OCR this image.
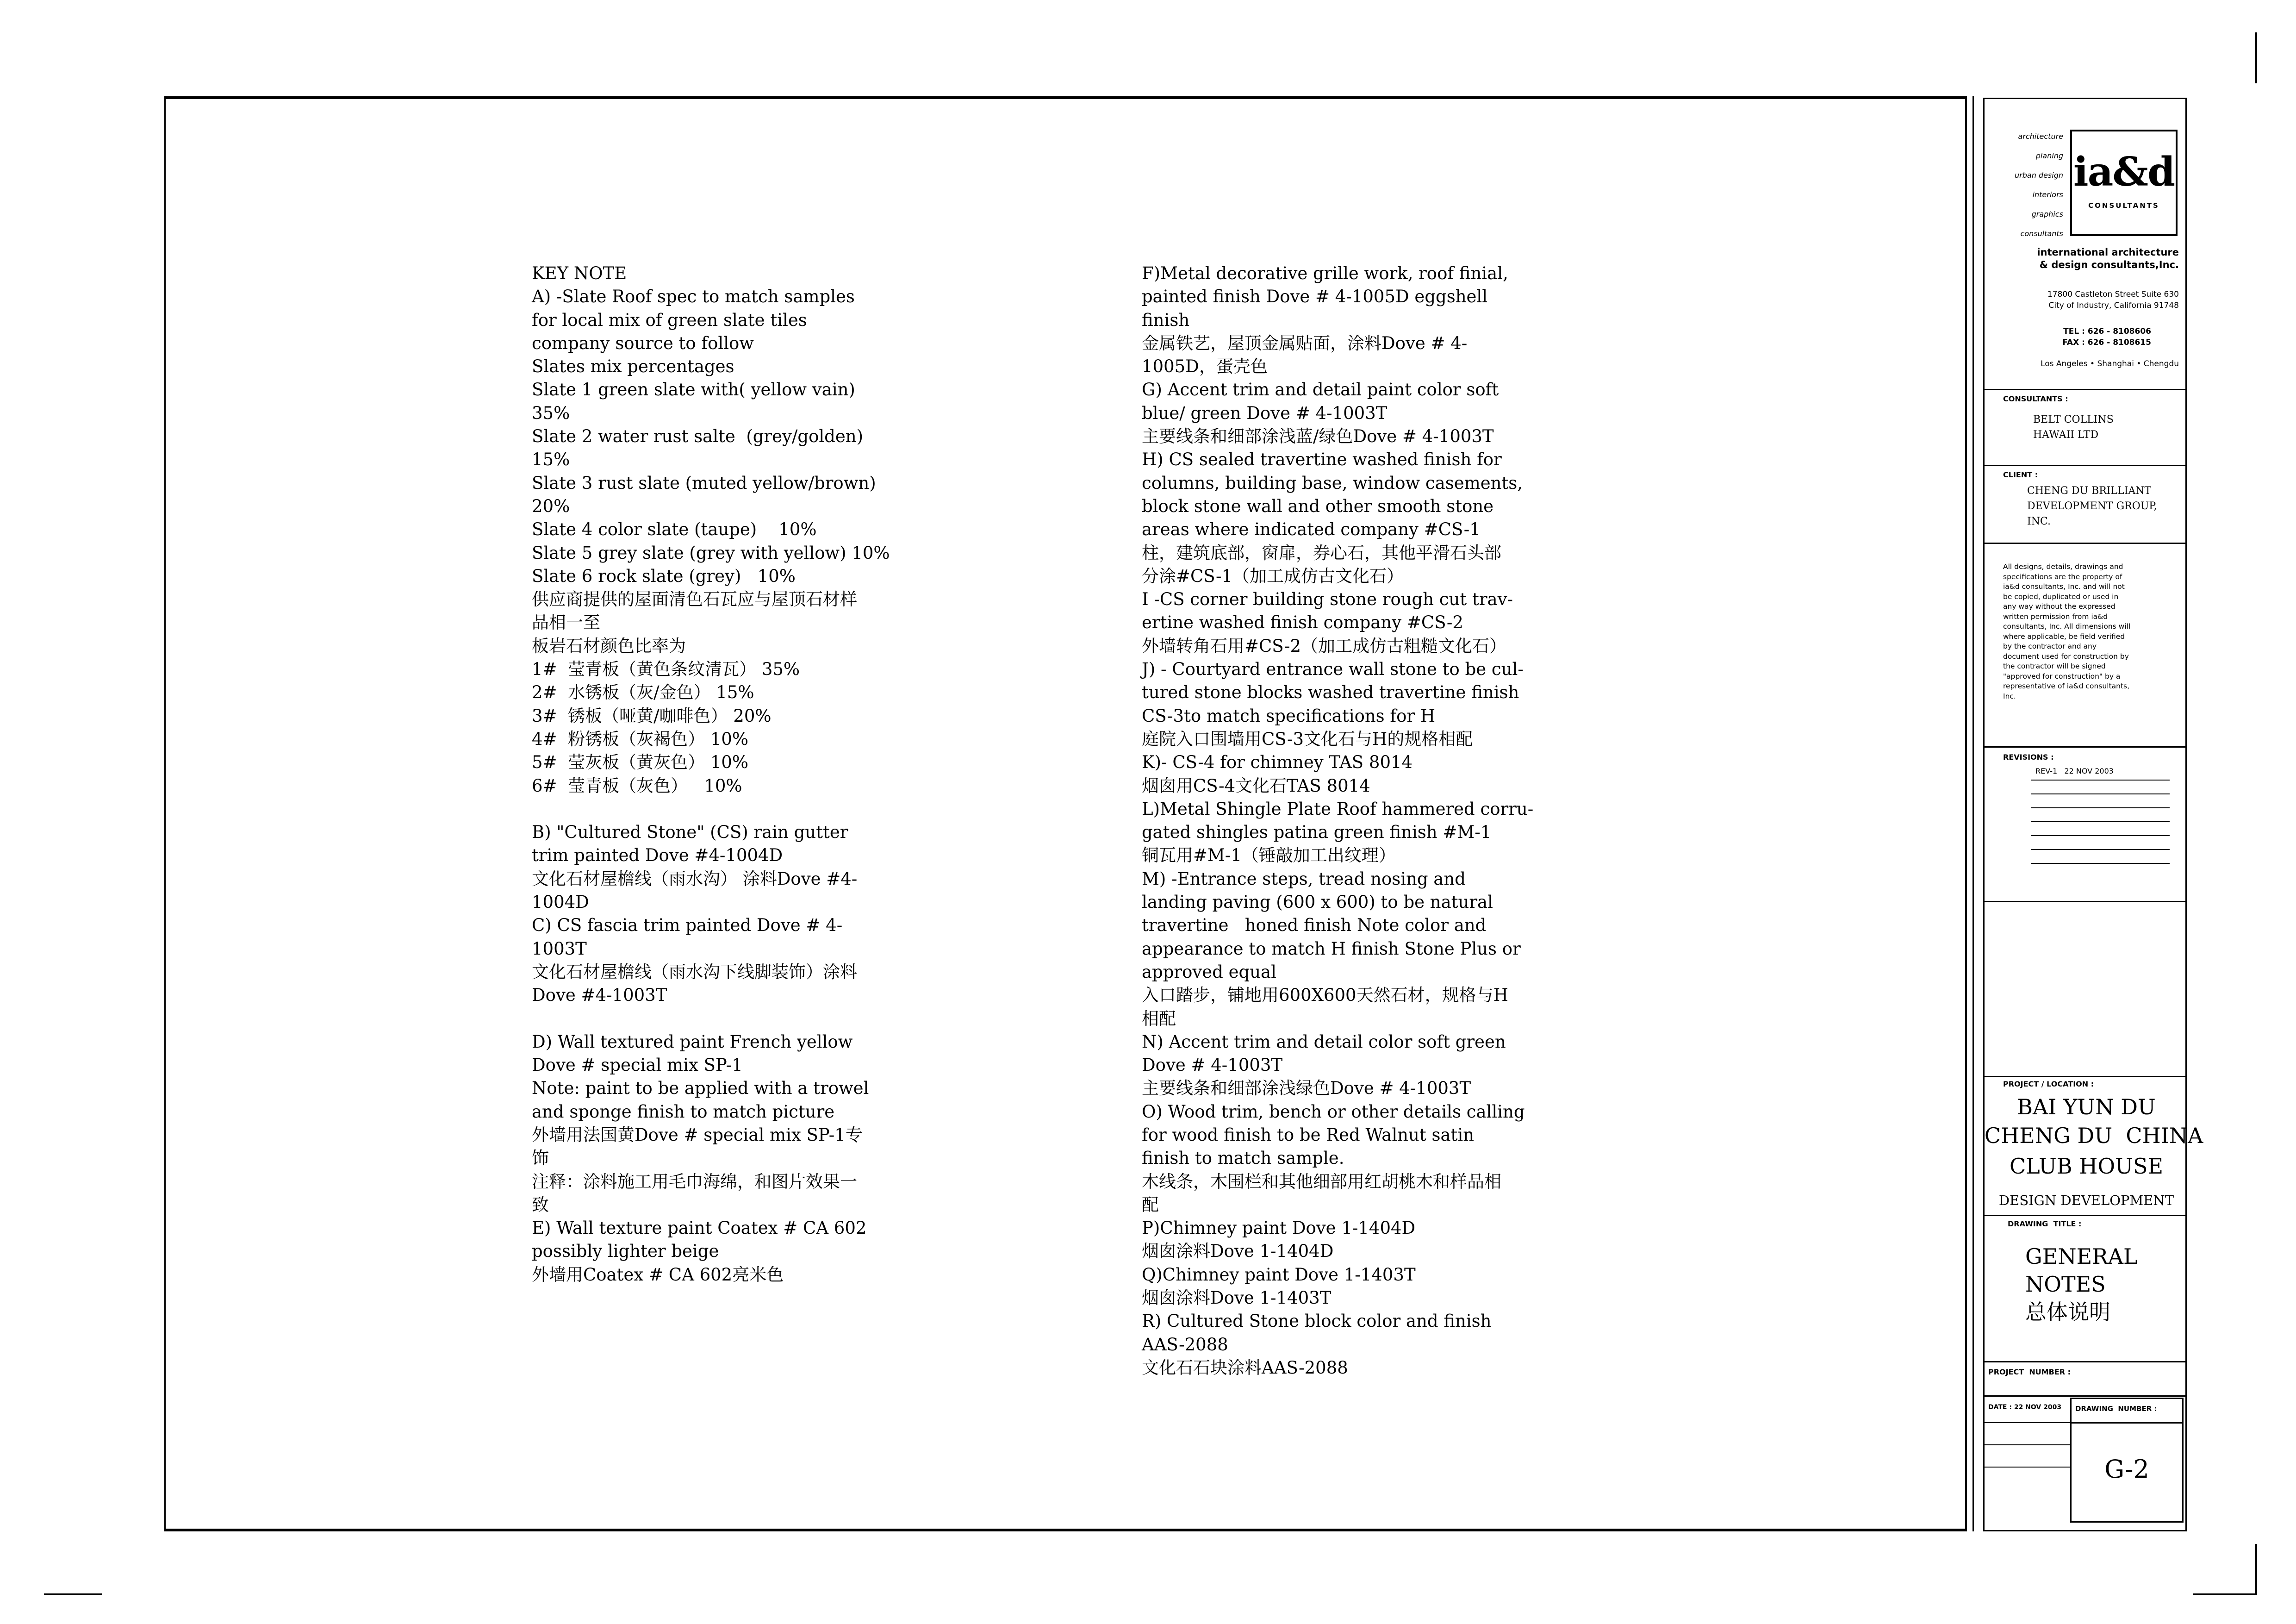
KEY NOTE
A) -Slate Roof spec to match samples
for local mix of green slate tiles
company source to follow
Slates mix percentages
Slate 1 green slate with( yellow vain)
35%
Slate 2 water rust salte  (grey/golden)
15%
Slate 3 rust slate (muted yellow/brown)
20%
Slate 4 color slate (taupe)    10%
Slate 5 grey slate (grey with yellow) 10%
Slate 6 rock slate (grey)   10%
供应商提供的屋面清色石瓦应与屋顶石材样
品相一至
板岩石材颜色比率为
1#  莹青板（黄色条纹清瓦） 35%
2#  水锈板（灰/金色） 15%
3#  锈板（哑黄/咖啡色） 20%
4#  粉锈板（灰褐色） 10%
5#  莹灰板（黄灰色） 10%
6#  莹青板（灰色）   10%
B) "Cultured Stone" (CS) rain gutter
trim painted Dove #4-1004D
文化石材屋檐线（雨水沟） 涂料Dove #4-
1004D
C) CS fascia trim painted Dove # 4-
1003T
文化石材屋檐线（雨水沟下线脚装饰）涂料
Dove #4-1003T
D) Wall textured paint French yellow
Dove # special mix SP-1
Note: paint to be applied with a trowel
and sponge finish to match picture
外墙用法国黄Dove # special mix SP-1专
饰
注释：涂料施工用毛巾海绵，和图片效果一
致
E) Wall texture paint Coatex # CA 602
possibly lighter beige
外墙用Coatex # CA 602亮米色
F)Metal decorative grille work, roof finial,
painted finish Dove # 4-1005D eggshell
finish
金属铁艺，屋顶金属贴面，涂料Dove # 4-
1005D，蛋壳色
G) Accent trim and detail paint color soft
blue/ green Dove # 4-1003T
主要线条和细部涂浅蓝/绿色Dove # 4-1003T
H) CS sealed travertine washed finish for
columns, building base, window casements,
block stone wall and other smooth stone
areas where indicated company #CS-1
柱，建筑底部，窗扉，券心石，其他平滑石头部
分涂#CS-1（加工成仿古文化石）
I -CS corner building stone rough cut trav-
ertine washed finish company #CS-2
外墙转角石用#CS-2（加工成仿古粗糙文化石）
J) - Courtyard entrance wall stone to be cul-
tured stone blocks washed travertine finish
CS-3to match specifications for H
庭院入口围墙用CS-3文化石与H的规格相配
K)- CS-4 for chimney TAS 8014
烟囱用CS-4文化石TAS 8014
L)Metal Shingle Plate Roof hammered corru-
gated shingles patina green finish #M-1
铜瓦用#M-1（锤敲加工出纹理）
M) -Entrance steps, tread nosing and
landing paving (600 x 600) to be natural
travertine   honed finish Note color and
appearance to match H finish Stone Plus or
approved equal
入口踏步，铺地用600X600天然石材，规格与H
相配
N) Accent trim and detail color soft green
Dove # 4-1003T
主要线条和细部涂浅绿色Dove # 4-1003T
O) Wood trim, bench or other details calling
for wood finish to be Red Walnut satin
finish to match sample.
木线条，木围栏和其他细部用红胡桃木和样品相
配
P)Chimney paint Dove 1-1404D
烟囱涂料Dove 1-1404D
Q)Chimney paint Dove 1-1403T
烟囱涂料Dove 1-1403T
R) Cultured Stone block color and finish
AAS-2088
文化石石块涂料AAS-2088
architecture
planing
urban design
interiors
graphics
consultants
ia&d
CONSULTANTS
international architecture
& design consultants,Inc.
17800 Castleton Street Suite 630
City of Industry, California 91748
TEL : 626 - 8108606
FAX : 626 - 8108615
Los Angeles • Shanghai • Chengdu
CONSULTANTS :
BELT COLLINS
HAWAII LTD
CLIENT :
CHENG DU BRILLIANT
DEVELOPMENT GROUP,
INC.
All designs, details, drawings and
specifications are the property of
ia&d consultants, Inc. and will not
be copied, duplicated or used in
any way without the expressed
written permission from ia&d
consultants, Inc. All dimensions will
where applicable, be field verified
by the contractor and any
document used for construction by
the contractor will be signed
"approved for construction" by a
representative of ia&d consultants,
Inc.
REVISIONS :
REV-1   22 NOV 2003
PROJECT / LOCATION :
BAI YUN DU
CHENG DU  CHINA
CLUB HOUSE
DESIGN DEVELOPMENT
DRAWING  TITLE :
GENERAL
NOTES
总体说明
PROJECT  NUMBER :
DATE : 22 NOV 2003 DRAWING  NUMBER :
G-2
